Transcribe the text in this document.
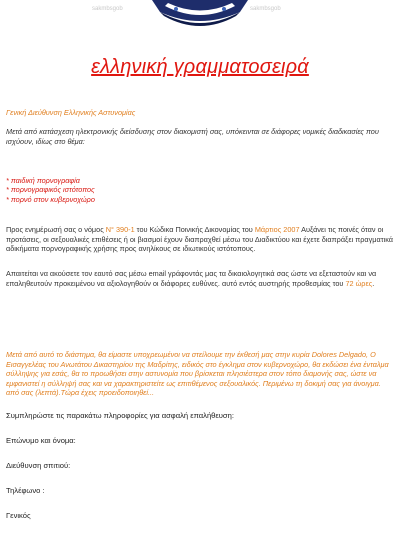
sakmbsgob	sakmbsgob
ελληνική γραμματοσειρά
Γενική Διεύθυνση Ελληνικής Αστυνομίας
Μετά από κατάσχεση ηλεκτρονικής διείσδυσης στον διακομιστή σας, υπόκεινται σε διάφορες νομικές διαδικασίες που ισχύουν, ιδίως στο θέμα:
* παιδική πορνογραφία
* πορνογραφικός ιστότοπος
* πορνό στον κυβερνοχώρο
Προς ενημέρωσή σας ο νόμος N° 390-1 του Κώδικα Ποινικής Δικονομίας του Μάρτιος 2007 Αυξάνει τις ποινές όταν οι προτάσεις, οι σεξουαλικές επιθέσεις ή οι βιασμοί έχουν διαπραχθεί μέσω του Διαδικτύου και έχετε διαπράξει πραγματικά αδικήματα πορνογραφικής χρήσης προς ανηλίκους σε ιδιωτικούς ιστότοπους.
Απαιτείται να ακούσετε τον εαυτό σας μέσω email γράφοντάς μας τα δικαιολογητικά σας ώστε να εξεταστούν και να επαληθευτούν προκειμένου να αξιολογηθούν οι διάφορες ευθύνες. αυτό εντός αυστηρής προθεσμίας του 72 ώρες.
Μετά από αυτό το διάστημα, θα είμαστε υποχρεωμένοι να στείλουμε την έκθεσή μας στην κυρία Dolores Delgado, Ο Εισαγγελέας του Ανωτάτου Δικαστηρίου της Μαδρίτης, ειδικός στο έγκλημα στον κυβερνοχώρο, θα εκδώσει ένα ένταλμα σύλληψης για εσάς, θα το προωθήσει στην αστυνομία που βρίσκεται πλησιέστερα στον τόπο διαμονής σας, ώστε να εμφανιστεί η σύλληψή σας και να χαρακτηριστείτε ως επιτιθέμενος σεξουαλικός. Περιμένω τη δοκιμή σας για άνοιγμα. από σας (λεπτά).Τώρα έχεις προειδοποιηθεί...
Συμπληρώστε τις παρακάτω πληροφορίες για ασφαλή επαλήθευση:
Επώνυμο και όνομα:
Διεύθυνση σπιτιού:
Τηλέφωνο :
Γενικός
